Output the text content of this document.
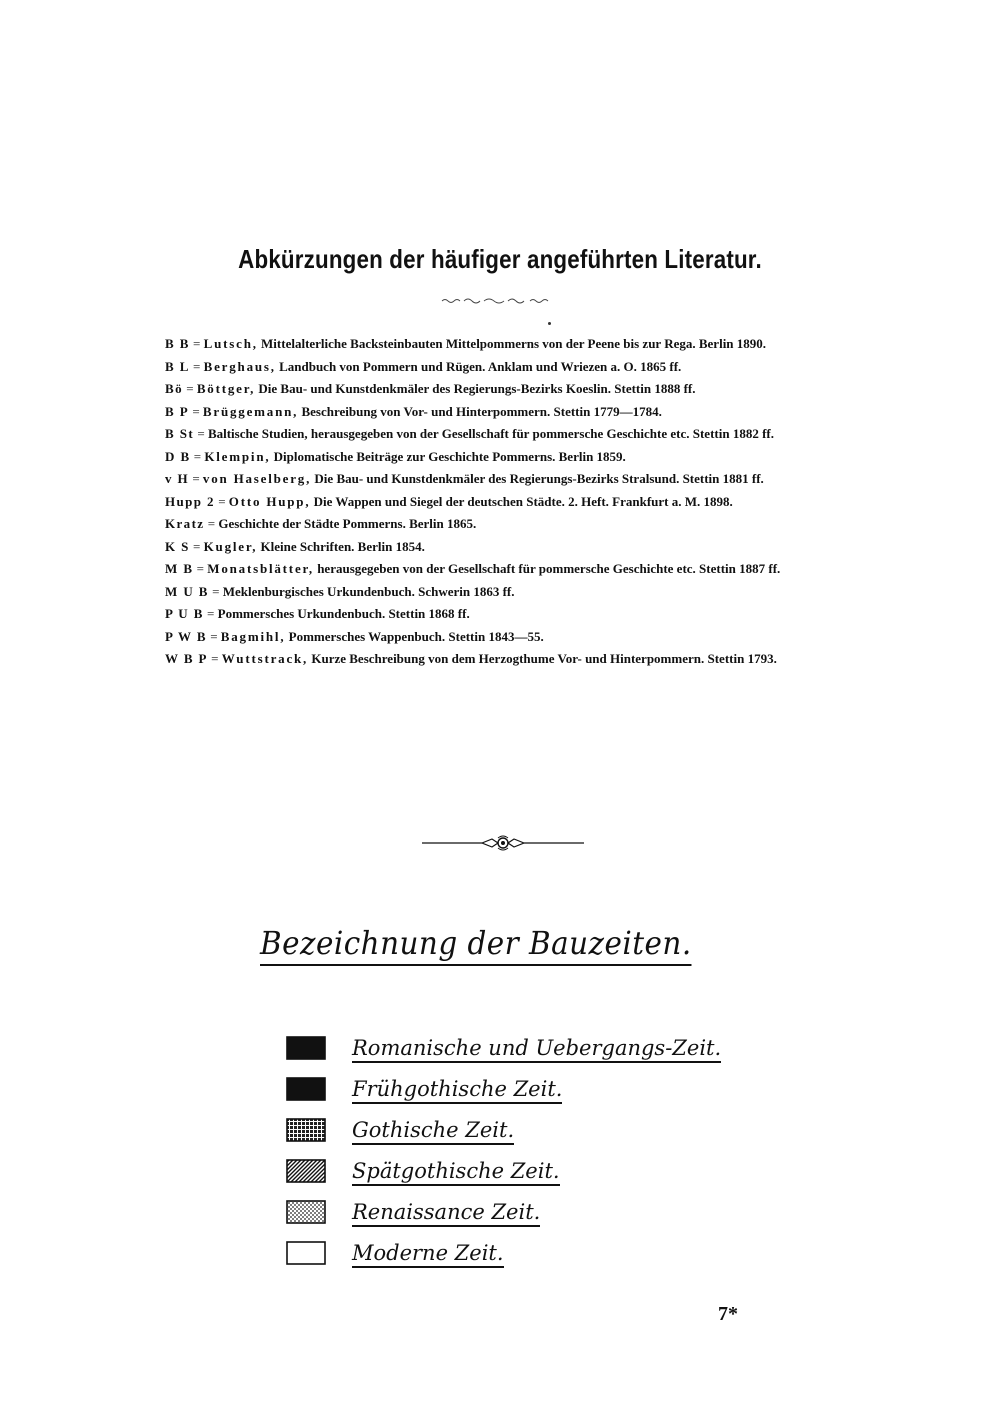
Abkürzungen der häufiger angeführten Literatur.
B B = Lutsch, Mittelalterliche Backsteinbauten Mittelpommerns von der Peene bis zur Rega. Berlin 1890.
B L = Berghaus, Landbuch von Pommern und Rügen. Anklam und Wriezen a. O. 1865 ff.
Bö = Böttger, Die Bau- und Kunstdenkmäler des Regierungs-Bezirks Koeslin. Stettin 1888 ff.
B P = Brüggemann, Beschreibung von Vor- und Hinterpommern. Stettin 1779—1784.
B St = Baltische Studien, herausgegeben von der Gesellschaft für pommersche Geschichte etc. Stettin 1882 ff.
D B = Klempin, Diplomatische Beiträge zur Geschichte Pommerns. Berlin 1859.
v H = von Haselberg, Die Bau- und Kunstdenkmäler des Regierungs-Bezirks Stralsund. Stettin 1881 ff.
Hupp 2 = Otto Hupp, Die Wappen und Siegel der deutschen Städte. 2. Heft. Frankfurt a. M. 1898.
Kratz = Geschichte der Städte Pommerns. Berlin 1865.
K S = Kugler, Kleine Schriften. Berlin 1854.
M B = Monatsblätter, herausgegeben von der Gesellschaft für pommersche Geschichte etc. Stettin 1887 ff.
M U B = Meklenburgisches Urkundenbuch. Schwerin 1863 ff.
P U B = Pommersches Urkundenbuch. Stettin 1868 ff.
P W B = Bagmihl, Pommersches Wappenbuch. Stettin 1843—55.
W B P = Wuttstrack, Kurze Beschreibung von dem Herzogthume Vor- und Hinterpommern. Stettin 1793.
Bezeichnung der Bauzeiten.
Romanische und Uebergangs-Zeit.
Frühgothische Zeit.
Gothische Zeit.
Spätgothische Zeit.
Renaissance Zeit.
Moderne Zeit.
7*
